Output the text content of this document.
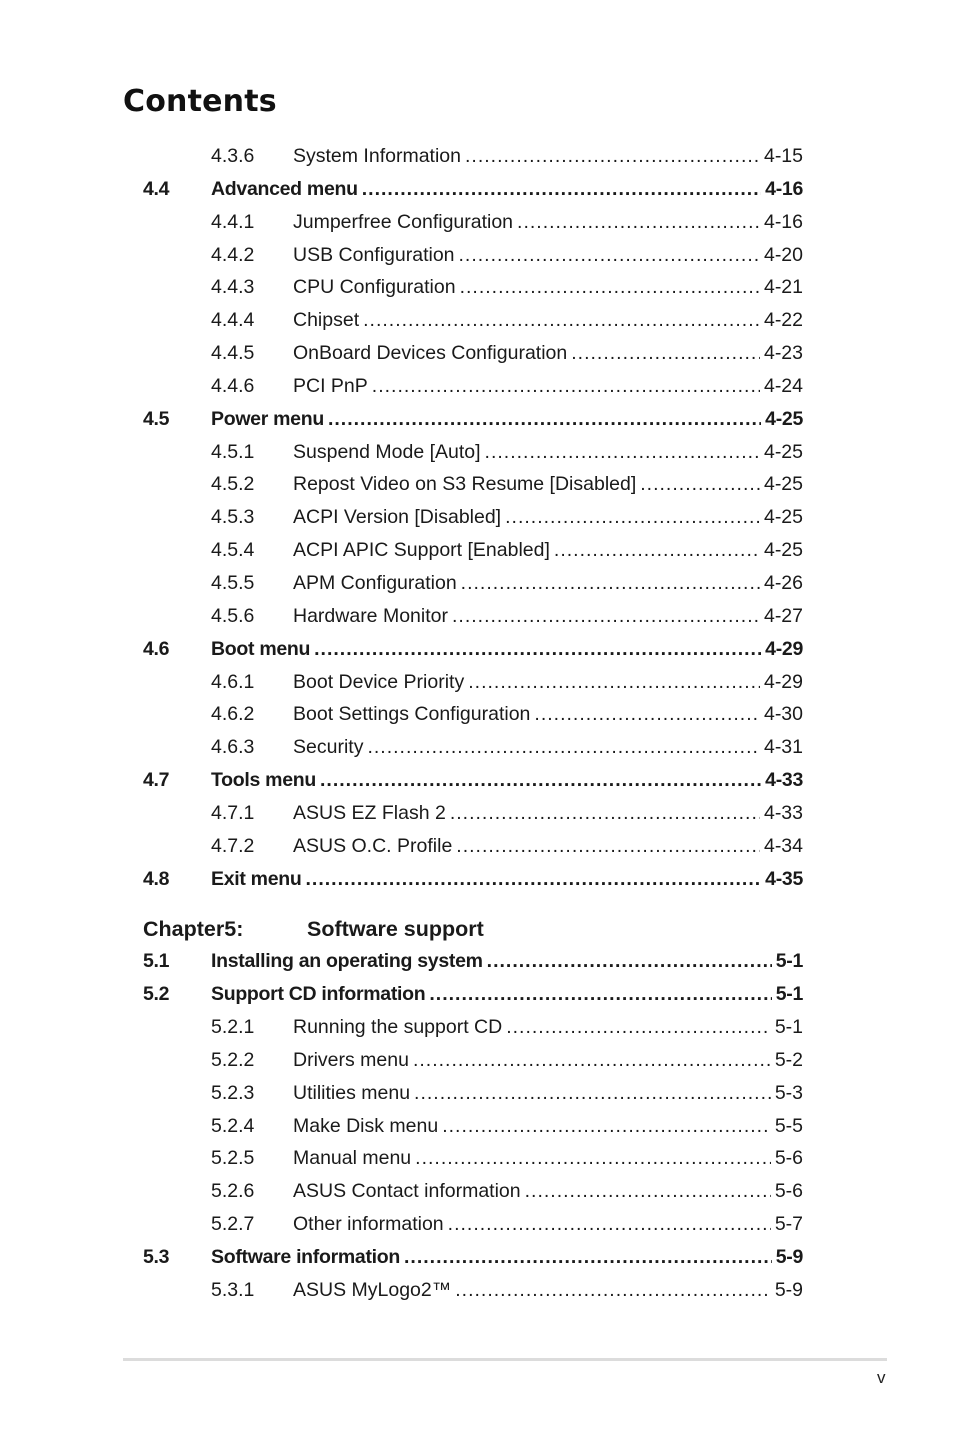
Contents
4.3.6 System Information .....	4-15
4.4 Advanced menu .....	4-16
4.4.1 Jumperfree Configuration .....	4-16
4.4.2 USB Configuration .....	4-20
4.4.3 CPU Configuration .....	4-21
4.4.4 Chipset .....	4-22
4.4.5 OnBoard Devices Configuration .....	4-23
4.4.6 PCI PnP .....	4-24
4.5 Power menu .....	4-25
4.5.1 Suspend Mode [Auto] .....	4-25
4.5.2 Repost Video on S3 Resume [Disabled] .....	4-25
4.5.3 ACPI Version [Disabled] .....	4-25
4.5.4 ACPI APIC Support [Enabled] .....	4-25
4.5.5 APM Configuration .....	4-26
4.5.6 Hardware Monitor .....	4-27
4.6 Boot menu .....	4-29
4.6.1 Boot Device Priority .....	4-29
4.6.2 Boot Settings Configuration .....	4-30
4.6.3 Security .....	4-31
4.7 Tools menu .....	4-33
4.7.1 ASUS EZ Flash 2 .....	4-33
4.7.2 ASUS O.C. Profile .....	4-34
4.8 Exit menu .....	4-35
Chapter5:	Software support
5.1 Installing an operating system .....	5-1
5.2 Support CD information .....	5-1
5.2.1 Running the support CD .....	5-1
5.2.2 Drivers menu .....	5-2
5.2.3 Utilities menu .....	5-3
5.2.4 Make Disk menu .....	5-5
5.2.5 Manual menu .....	5-6
5.2.6 ASUS Contact information .....	5-6
5.2.7 Other information .....	5-7
5.3 Software information .....	5-9
5.3.1 ASUS MyLogo2™ .....	5-9
v
